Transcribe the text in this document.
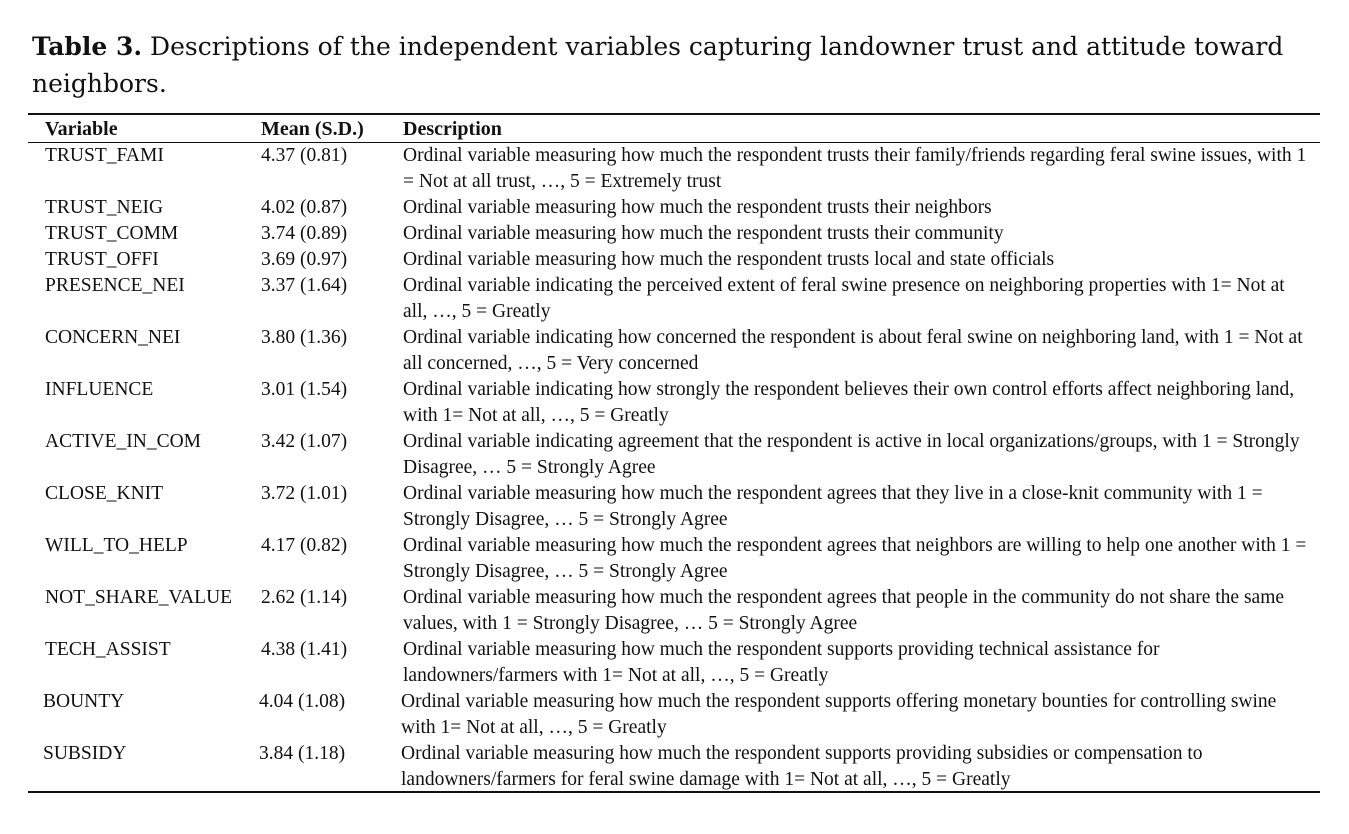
Table 3. Descriptions of the independent variables capturing landowner trust and attitude toward neighbors.
Variable	Mean (S.D.) Description
TRUST_FAMI	4.37 (0.81)	Ordinal variable measuring how much the respondent trusts their family/friends regarding feral swine issues, with 1 = Not at all trust, …, 5 = Extremely trust
TRUST_NEIG	4.02 (0.87)	Ordinal variable measuring how much the respondent trusts their neighbors
TRUST_COMM	3.74 (0.89)	Ordinal variable measuring how much the respondent trusts their community
TRUST_OFFI	3.69 (0.97)	Ordinal variable measuring how much the respondent trusts local and state officials
PRESENCE_NEI	3.37 (1.64)	Ordinal variable indicating the perceived extent of feral swine presence on neighboring properties with 1= Not at all, …, 5 = Greatly
CONCERN_NEI	3.80 (1.36)	Ordinal variable indicating how concerned the respondent is about feral swine on neighboring land, with 1 = Not at all concerned, …, 5 = Very concerned
INFLUENCE	3.01 (1.54)	Ordinal variable indicating how strongly the respondent believes their own control efforts affect neighboring land, with 1= Not at all, …, 5 = Greatly
ACTIVE_IN_COM	3.42 (1.07)	Ordinal variable indicating agreement that the respondent is active in local organizations/groups, with 1 = Strongly Disagree, … 5 = Strongly Agree
CLOSE_KNIT	3.72 (1.01)	Ordinal variable measuring how much the respondent agrees that they live in a close-knit community with 1 = Strongly Disagree, … 5 = Strongly Agree
WILL_TO_HELP	4.17 (0.82)	Ordinal variable measuring how much the respondent agrees that neighbors are willing to help one another with 1 = Strongly Disagree, … 5 = Strongly Agree
NOT_SHARE_VALUE 2.62 (1.14)	Ordinal variable measuring how much the respondent agrees that people in the community do not share the same values, with 1 = Strongly Disagree, … 5 = Strongly Agree
TECH_ASSIST	4.38 (1.41)	Ordinal variable measuring how much the respondent supports providing technical assistance for landowners/farmers with 1= Not at all, …, 5 = Greatly
BOUNTY	4.04 (1.08)	Ordinal variable measuring how much the respondent supports offering monetary bounties for controlling swine with 1= Not at all, …, 5 = Greatly
SUBSIDY	3.84 (1.18)	Ordinal variable measuring how much the respondent supports providing subsidies or compensation to landowners/farmers for feral swine damage with 1= Not at all, …, 5 = Greatly
